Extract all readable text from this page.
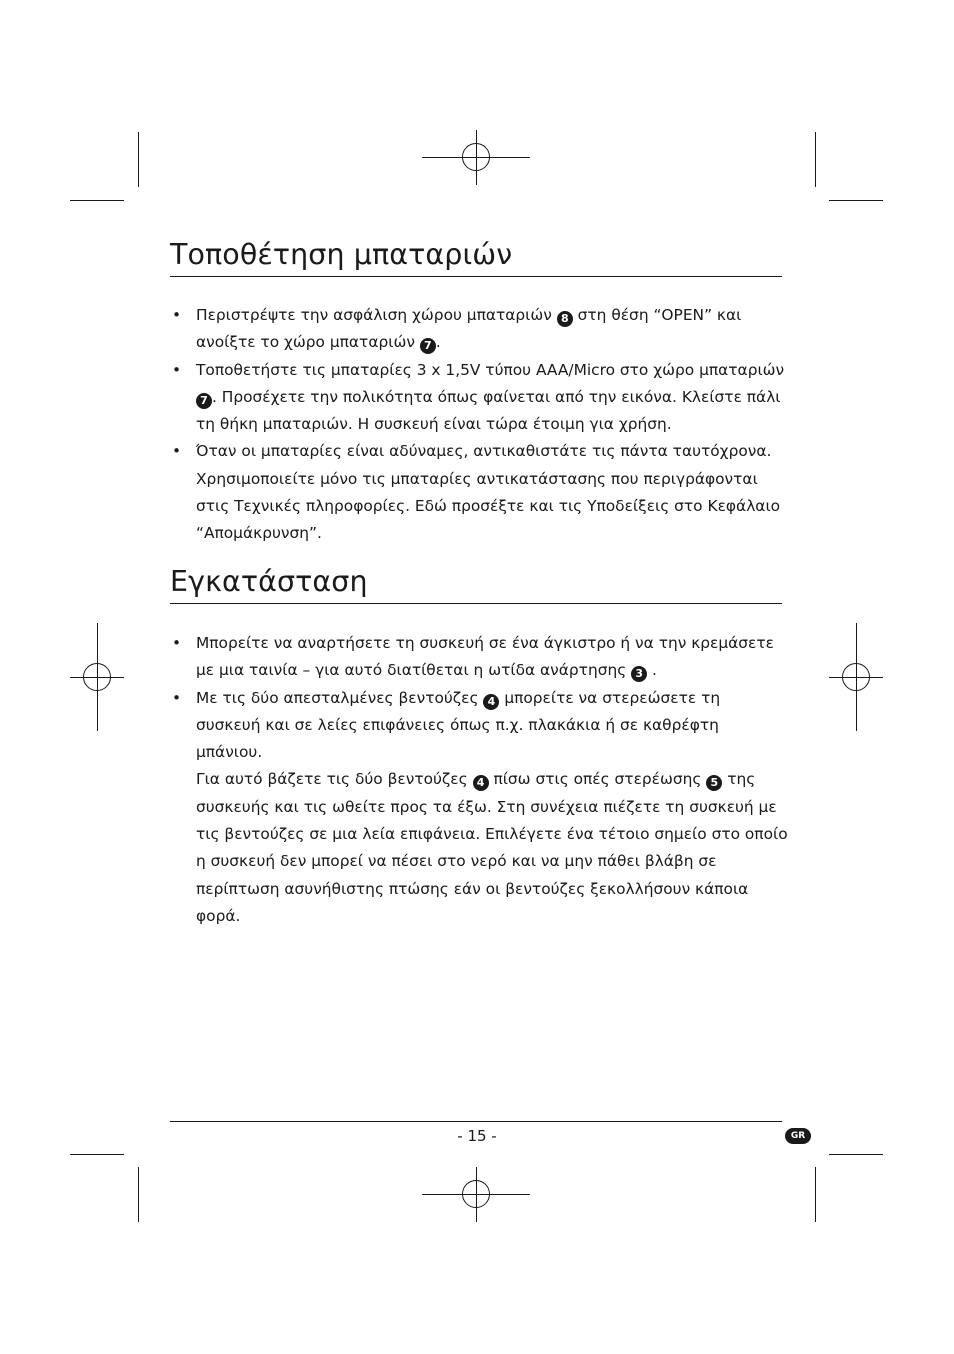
Τοποθέτηση μπαταριών
• Περιστρέψτε την ασφάλιση χώρου μπαταριών 8 στη θέση “OPEN” και ανοίξτε το χώρο μπαταριών 7 .
• Τοποθετήστε τις μπαταρίες 3 x 1,5V τύπου AAA/Micro στο χώρο μπαταριών 7 . Προσέχετε την πολικότητα όπως φαίνεται από την εικόνα. Κλείστε πάλι τη θήκη μπαταριών. Η συσκευή είναι τώρα έτοιμη για χρήση.
• Όταν οι μπαταρίες είναι αδύναμες, αντικαθιστάτε τις πάντα ταυτόχρονα. Χρησιμοποιείτε μόνο τις μπαταρίες αντικατάστασης που περιγράφονται στις Τεχνικές πληροφορίες. Εδώ προσέξτε και τις Υποδείξεις στο Κεφάλαιο “Απομάκρυνση”.
Εγκατάσταση
• Μπορείτε να αναρτήσετε τη συσκευή σε ένα άγκιστρο ή να την κρεμάσετε με μια ταινία – για αυτό διατίθεται η ωτίδα ανάρτησης 3 .
• Με τις δύο απεσταλμένες βεντούζες 4 μπορείτε να στερεώσετε τη συσκευή και σε λείες επιφάνειες όπως π.χ. πλακάκια ή σε καθρέφτη μπάνιου.
Για αυτό βάζετε τις δύο βεντούζες 4 πίσω στις οπές στερέωσης 5 της συσκευής και τις ωθείτε προς τα έξω. Στη συνέχεια πιέζετε τη συσκευή με τις βεντούζες σε μια λεία επιφάνεια. Επιλέγετε ένα τέτοιο σημείο στο οποίο η συσκευή δεν μπορεί να πέσει στο νερό και να μην πάθει βλάβη σε περίπτωση ασυνήθιστης πτώσης εάν οι βεντούζες ξεκολλήσουν κάποια φορά.
- 15 -	GR
